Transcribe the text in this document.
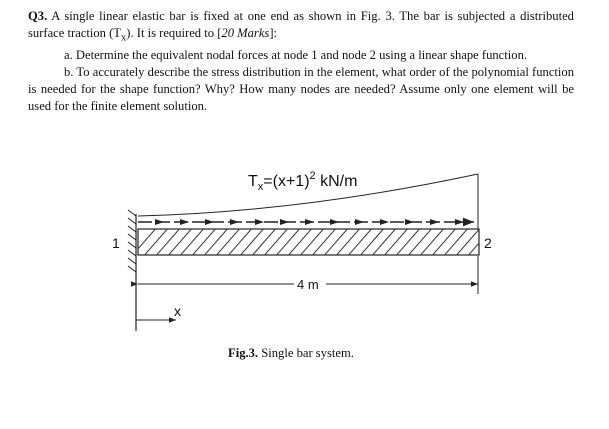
Q3. A single linear elastic bar is fixed at one end as shown in Fig. 3. The bar is subjected a distributed surface traction $(T_x)$. It is required to [20 Marks]:

a. Determine the equivalent nodal forces at node 1 and node 2 using a linear shape function.

b. To accurately describe the stress distribution in the element, what order of the polynomial function is needed for the shape function? Why? How many nodes are needed? Assume only one element will be used for the finite element solution.

$T_x=(x+1)^2$ kN/m
1	2
4 m
x
Fig.3. Single bar system.
